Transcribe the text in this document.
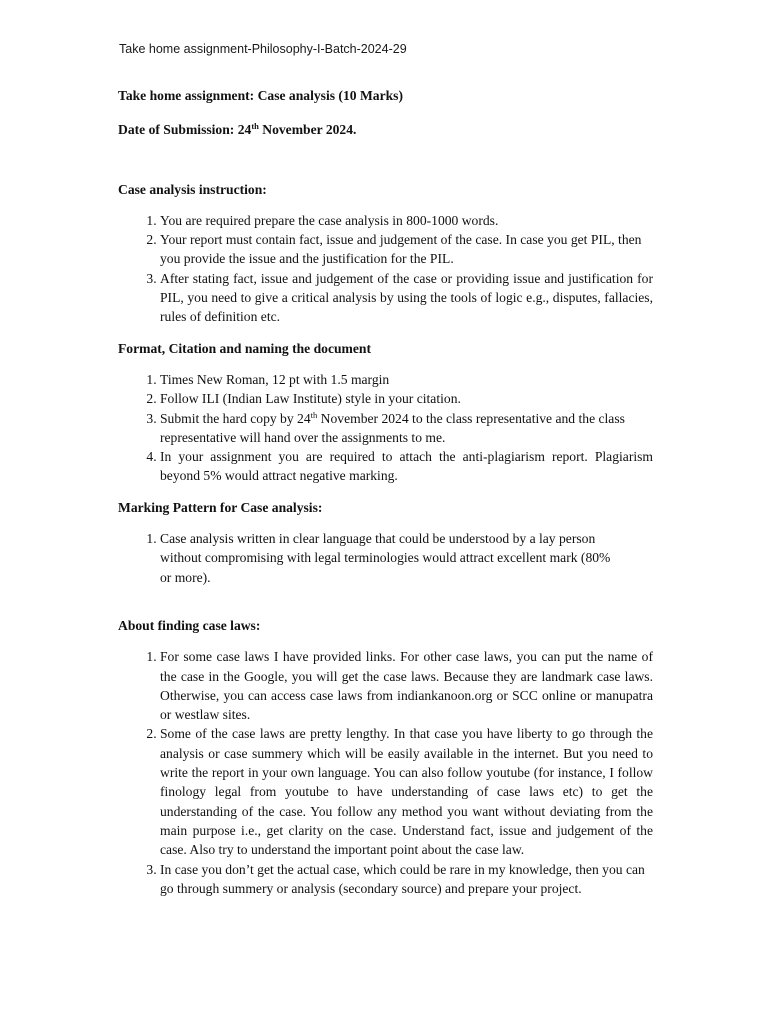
Take home assignment-Philosophy-I-Batch-2024-29

Take home assignment: Case analysis (10 Marks)

Date of Submission: 24th November 2024.

Case analysis instruction:

1. You are required prepare the case analysis in 800-1000 words.
2. Your report must contain fact, issue and judgement of the case. In case you get PIL, then you provide the issue and the justification for the PIL.
3. After stating fact, issue and judgement of the case or providing issue and justification for PIL, you need to give a critical analysis by using the tools of logic e.g., disputes, fallacies, rules of definition etc.

Format, Citation and naming the document

1. Times New Roman, 12 pt with 1.5 margin
2. Follow ILI (Indian Law Institute) style in your citation.
3. Submit the hard copy by 24th November 2024 to the class representative and the class representative will hand over the assignments to me.
4. In your assignment you are required to attach the anti-plagiarism report. Plagiarism beyond 5% would attract negative marking.

Marking Pattern for Case analysis:

1. Case analysis written in clear language that could be understood by a lay person without compromising with legal terminologies would attract excellent mark (80% or more).

About finding case laws:

1. For some case laws I have provided links. For other case laws, you can put the name of the case in the Google, you will get the case laws. Because they are landmark case laws. Otherwise, you can access case laws from indiankanoon.org or SCC online or manupatra or westlaw sites.
2. Some of the case laws are pretty lengthy. In that case you have liberty to go through the analysis or case summery which will be easily available in the internet. But you need to write the report in your own language. You can also follow youtube (for instance, I follow finology legal from youtube to have understanding of case laws etc) to get the understanding of the case. You follow any method you want without deviating from the main purpose i.e., get clarity on the case. Understand fact, issue and judgement of the case. Also try to understand the important point about the case law.
3. In case you don’t get the actual case, which could be rare in my knowledge, then you can go through summery or analysis (secondary source) and prepare your project.
